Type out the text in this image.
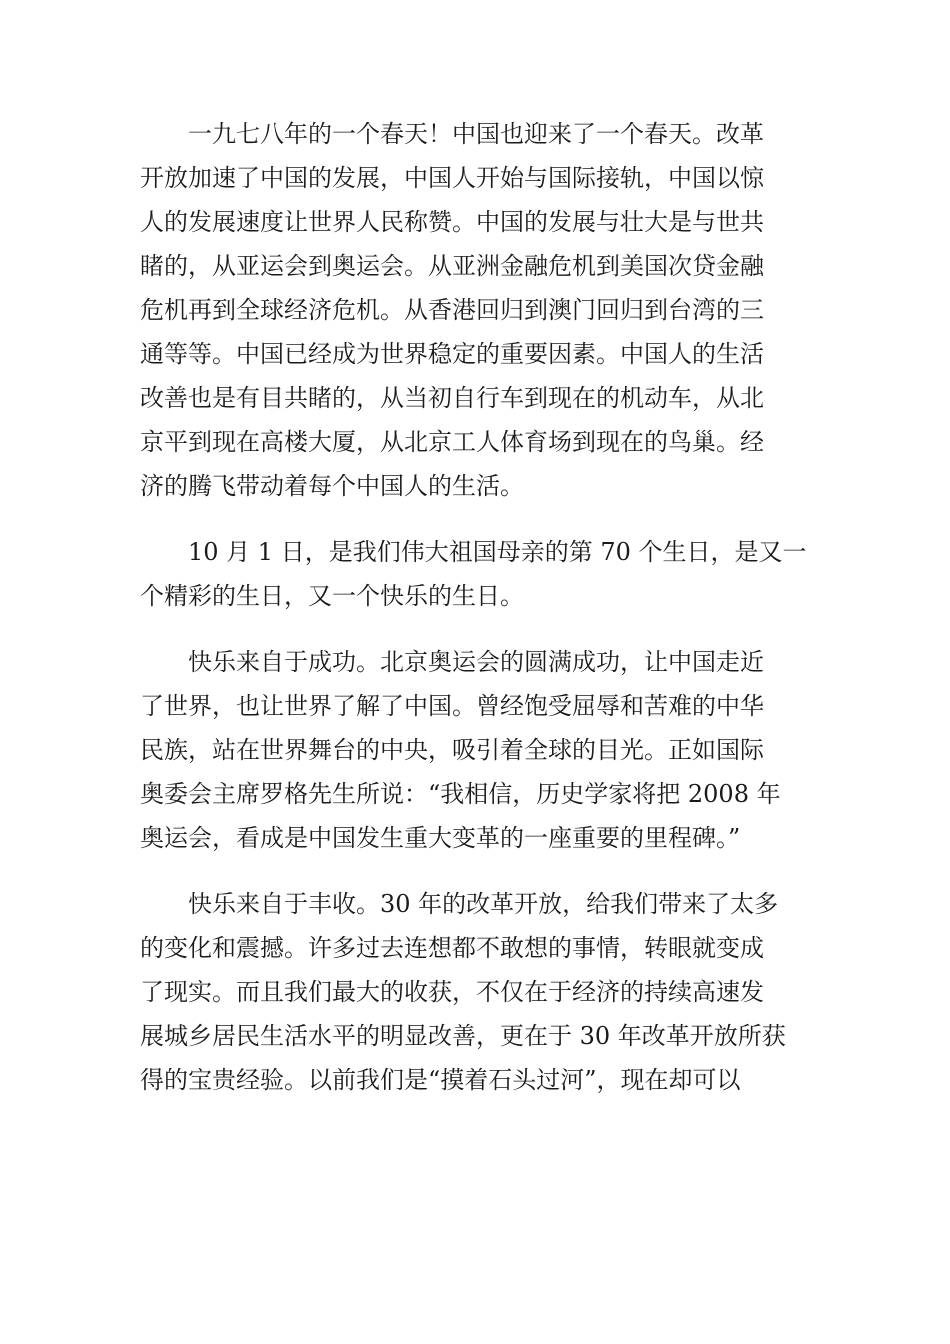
　　一九七八年的一个春天！中国也迎来了一个春天。改革
开放加速了中国的发展，中国人开始与国际接轨，中国以惊
人的发展速度让世界人民称赞。中国的发展与壮大是与世共
睹的，从亚运会到奥运会。从亚洲金融危机到美国次贷金融
危机再到全球经济危机。从香港回归到澳门回归到台湾的三
通等等。中国已经成为世界稳定的重要因素。中国人的生活
改善也是有目共睹的，从当初自行车到现在的机动车，从北
京平到现在高楼大厦，从北京工人体育场到现在的鸟巢。经
济的腾飞带动着每个中国人的生活。
　　10 月 1 日，是我们伟大祖国母亲的第 70 个生日，是又一
个精彩的生日，又一个快乐的生日。
　　快乐来自于成功。北京奥运会的圆满成功，让中国走近
了世界，也让世界了解了中国。曾经饱受屈辱和苦难的中华
民族，站在世界舞台的中央，吸引着全球的目光。正如国际
奥委会主席罗格先生所说：“我相信，历史学家将把 2008 年
奥运会，看成是中国发生重大变革的一座重要的里程碑。”
　　快乐来自于丰收。30 年的改革开放，给我们带来了太多
的变化和震撼。许多过去连想都不敢想的事情，转眼就变成
了现实。而且我们最大的收获，不仅在于经济的持续高速发
展城乡居民生活水平的明显改善，更在于 30 年改革开放所获
得的宝贵经验。以前我们是“摸着石头过河”，现在却可以
